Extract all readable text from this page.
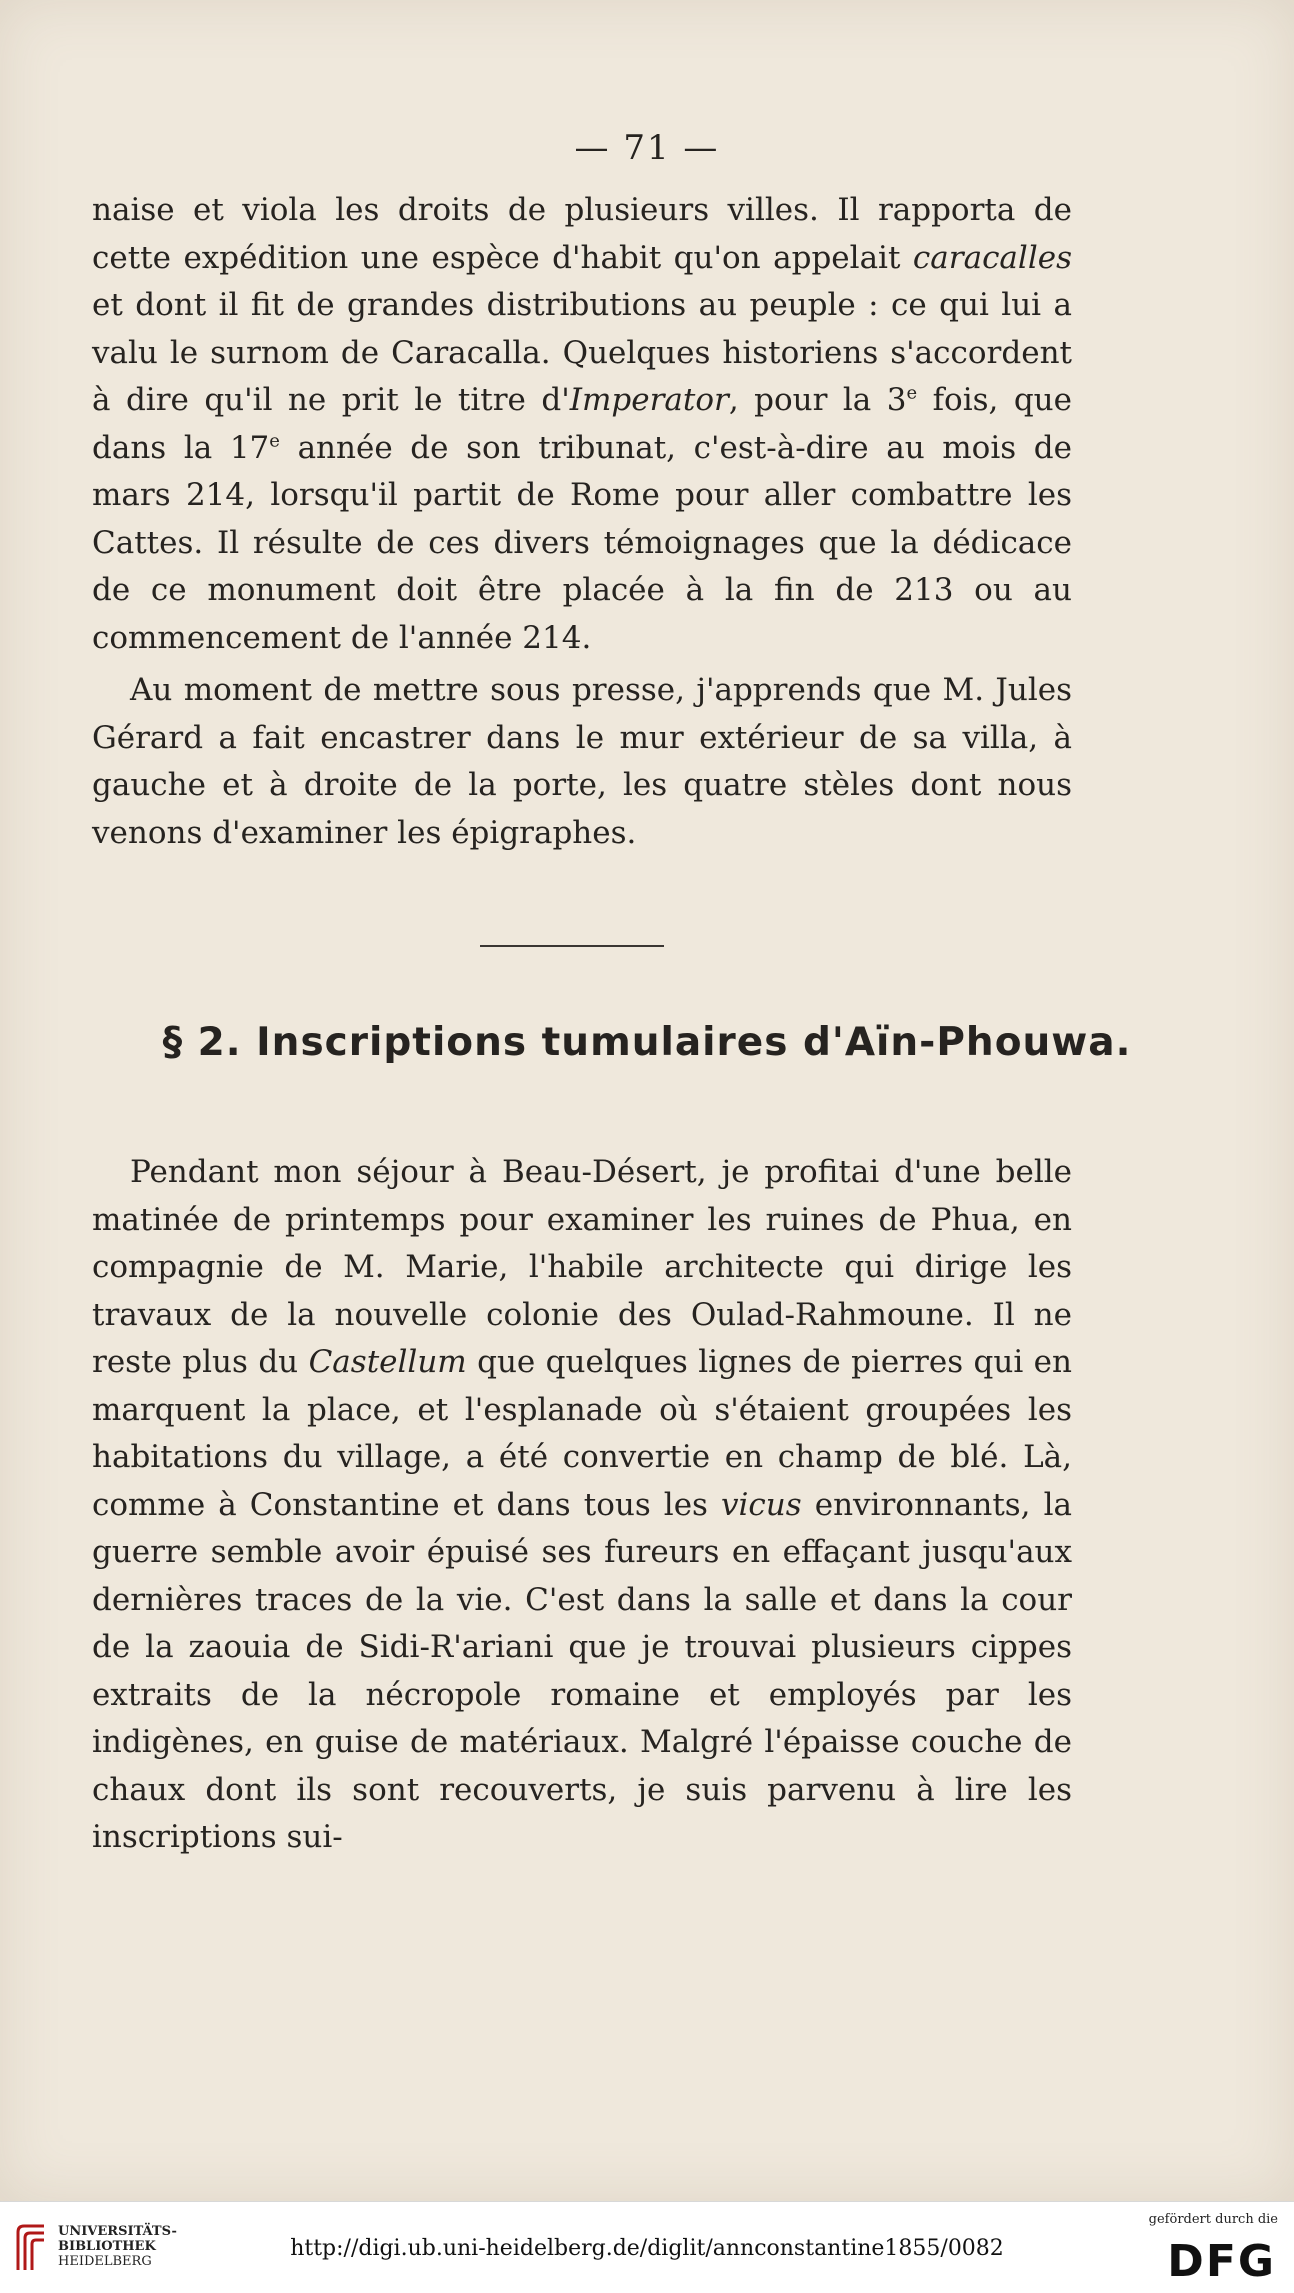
— 71 —

naise et viola les droits de plusieurs villes. Il rapporta de cette expédition une espèce d'habit qu'on appelait caracalles et dont il fit de grandes distributions au peuple : ce qui lui a valu le surnom de Caracalla. Quelques historiens s'accordent à dire qu'il ne prit le titre d'Imperator, pour la 3e fois, que dans la 17e année de son tribunat, c'est-à-dire au mois de mars 214, lorsqu'il partit de Rome pour aller combattre les Cattes. Il résulte de ces divers témoignages que la dédicace de ce monument doit être placée à la fin de 213 ou au commencement de l'année 214.

Au moment de mettre sous presse, j'apprends que M. Jules Gérard a fait encastrer dans le mur extérieur de sa villa, à gauche et à droite de la porte, les quatre stèles dont nous venons d'examiner les épigraphes.

§ 2. Inscriptions tumulaires d'Aïn-Phouwa.

Pendant mon séjour à Beau-Désert, je profitai d'une belle matinée de printemps pour examiner les ruines de Phua, en compagnie de M. Marie, l'habile architecte qui dirige les travaux de la nouvelle colonie des Oulad-Rahmoune. Il ne reste plus du Castellum que quelques lignes de pierres qui en marquent la place, et l'esplanade où s'étaient groupées les habitations du village, a été convertie en champ de blé. Là, comme à Constantine et dans tous les vicus environnants, la guerre semble avoir épuisé ses fureurs en effaçant jusqu'aux dernières traces de la vie. C'est dans la salle et dans la cour de la zaouia de Sidi-R'ariani que je trouvai plusieurs cippes extraits de la nécropole romaine et employés par les indigènes, en guise de matériaux. Malgré l'épaisse couche de chaux dont ils sont recouverts, je suis parvenu à lire les inscriptions sui-

UNIVERSITÄTS-
BIBLIOTHEK
HEIDELBERG
http://digi.ub.uni-heidelberg.de/diglit/annconstantine1855/0082
gefördert durch die
DFG
